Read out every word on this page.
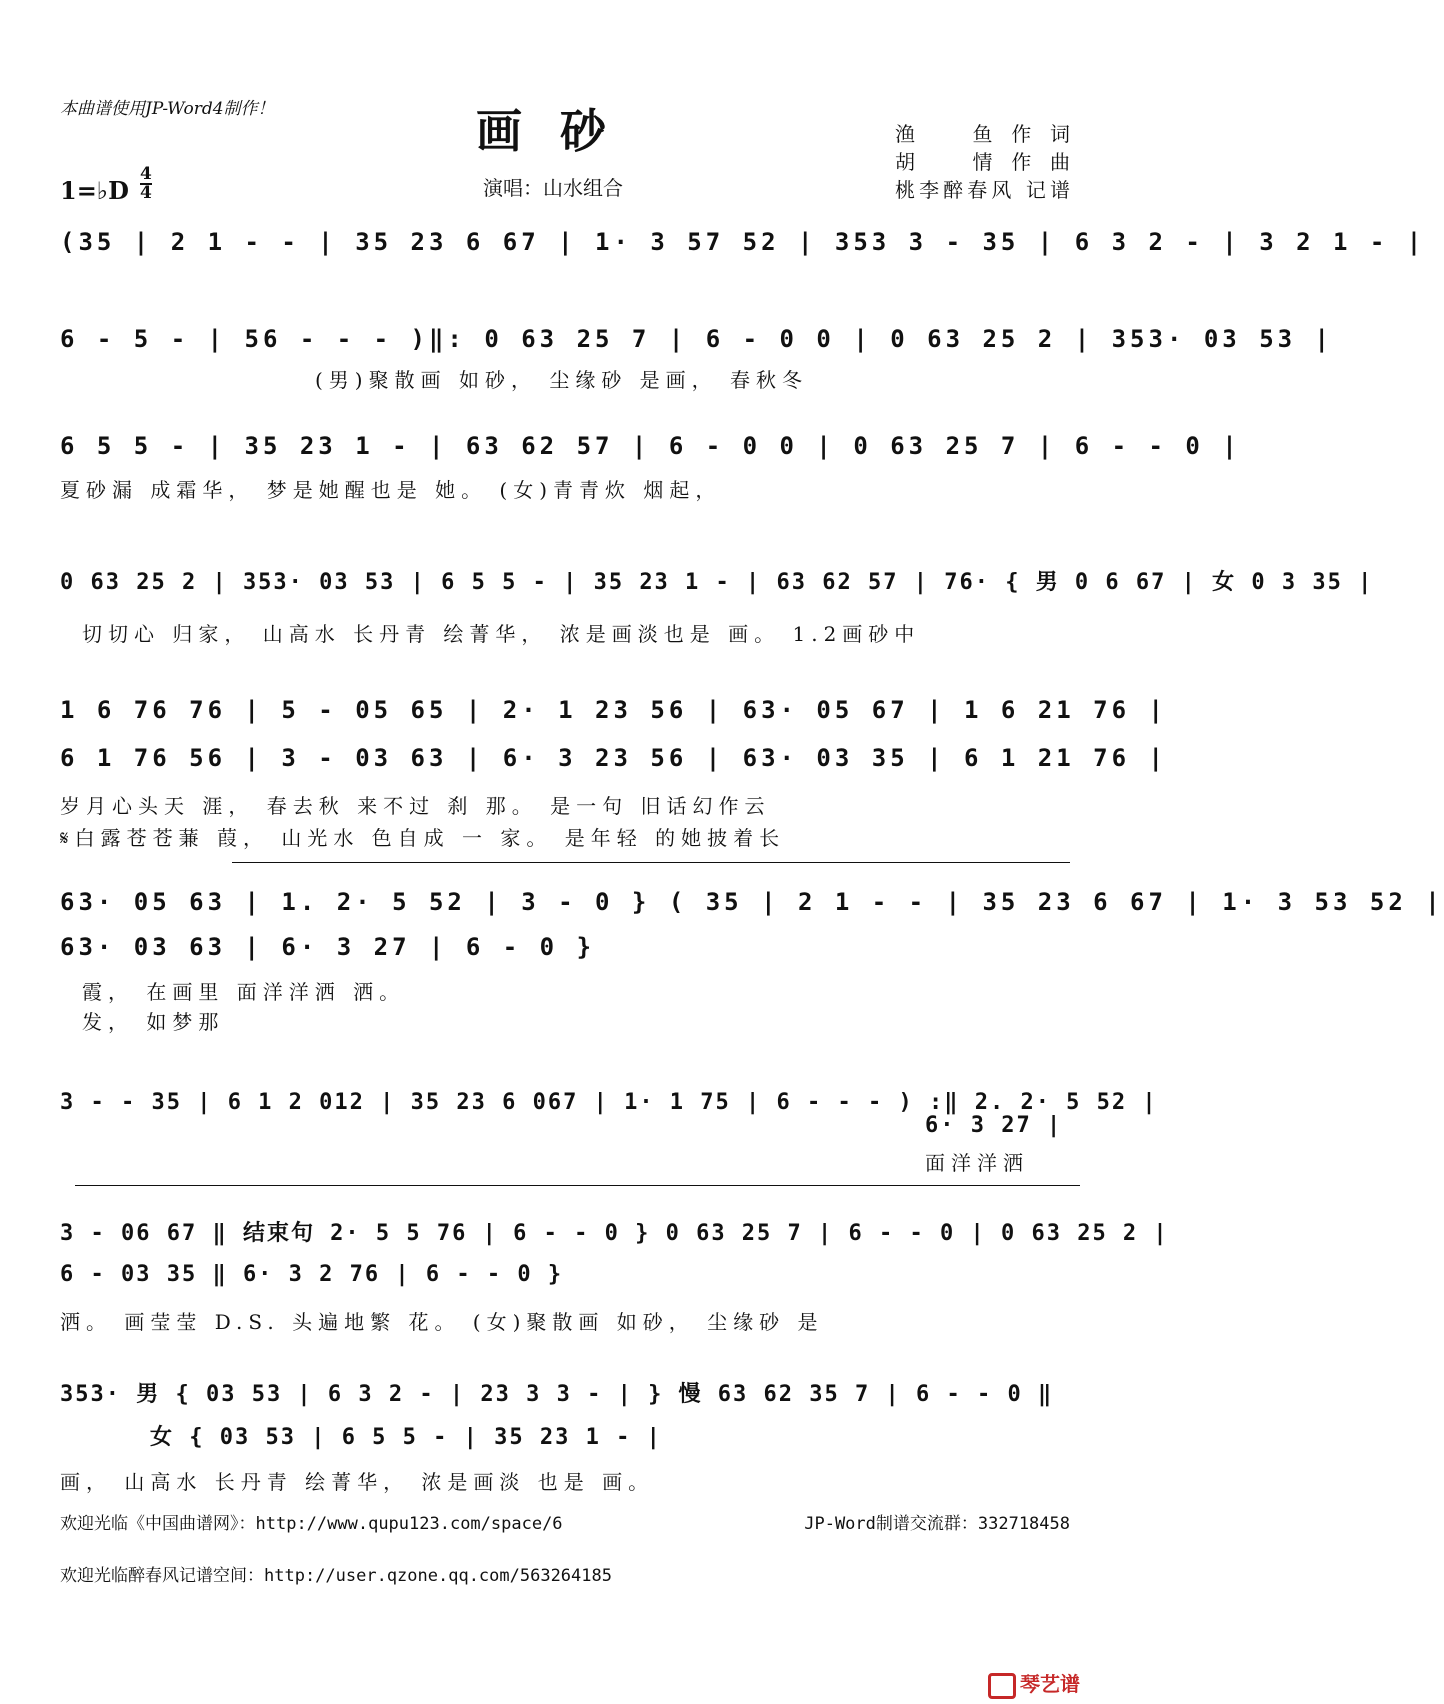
本曲谱使用JP-Word4制作！	画砂
演唱：山水组合
渔　鱼作词
胡　情作曲
桃李醉春风 记谱
1=♭D
4
4
(35 | 2 1 - - | 35 23 6 67 | 1· 3 57 52 | 353 3 - 35 | 6 3 2 - | 3 2 1 - |
6 - 5 - | 56 - - - )‖: 0 63 25 7 | 6 - 0 0 | 0 63 25 2 | 353· 03 53 |
(男)聚散画 如砂， 尘缘砂 是画， 春秋冬
6 5 5 - | 35 23 1 - | 63 62 57 | 6 - 0 0 | 0 63 25 7 | 6 - - 0 |
夏砂漏 成霜华， 梦是她醒也是 她。 (女)青青炊 烟起，
0 63 25 2 | 353· 03 53 | 6 5 5 - | 35 23 1 - | 63 62 57 | 76· { 男 0 6 67 | 女 0 3 35 |
切切心 归家， 山高水 长丹青 绘菁华， 浓是画淡也是 画。 1.2画砂中
1 6 76 76 | 5 - 05 65 | 2· 1 23 56 | 63· 05 67 | 1 6 21 76 |
6 1 76 56 | 3 - 03 63 | 6· 3 23 56 | 63· 03 35 | 6 1 21 76 |
岁月心头天 涯， 春去秋 来不过 刹 那。 是一句 旧话幻作云
𝄋白露苍苍蒹 葭， 山光水 色自成 一 家。 是年轻 的她披着长
63· 05 63 | 1. 2· 5 52 | 3 - 0 } ( 35 | 2 1 - - | 35 23 6 67 | 1· 3 53 52 |
63· 03 63 | 6· 3 27 | 6 - 0 }
霞， 在画里 面洋洋洒 洒。
发， 如梦那
3 - - 35 | 6 1 2 012 | 35 23 6 067 | 1· 1 75 | 6 - - - ) :‖ 2. 2· 5 52 |
6· 3 27 |
面洋洋洒
3 - 06 67 ‖ 结束句 2· 5 5 76 | 6 - - 0 } 0 63 25 7 | 6 - - 0 | 0 63 25 2 |
6 - 03 35 ‖ 6· 3 2 76 | 6 - - 0 }
洒。 画莹莹 D.S. 头遍地繁 花。 (女)聚散画 如砂， 尘缘砂 是
353· 男 { 03 53 | 6 3 2 - | 23 3 3 - | } 慢 63 62 35 7 | 6 - - 0 ‖
女 { 03 53 | 6 5 5 - | 35 23 1 - |
画， 山高水 长丹青 绘菁华， 浓是画淡 也是 画。
欢迎光临《中国曲谱网》：http://www.qupu123.com/space/6	JP-Word制谱交流群：332718458
欢迎光临醉春风记谱空间：http://user.qzone.qq.com/563264185
琴艺谱
